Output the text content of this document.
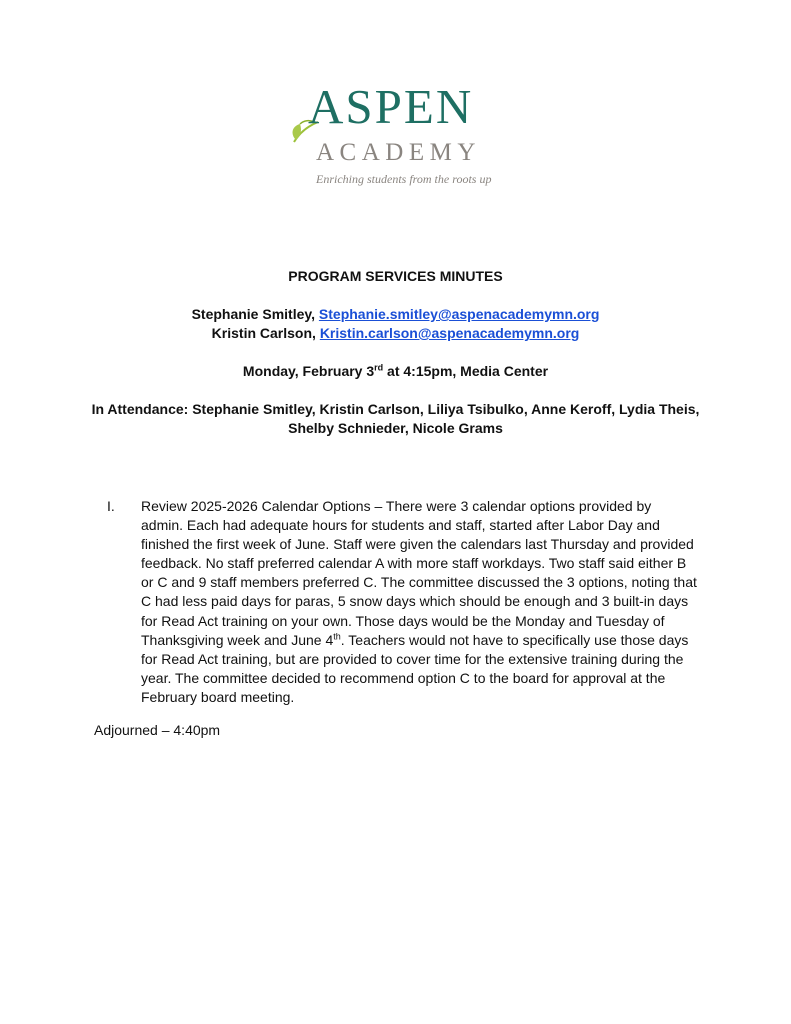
ASPEN
ACADEMY
Enriching students from the roots up
PROGRAM SERVICES MINUTES
Stephanie Smitley, Stephanie.smitley@aspenacademymn.org
Kristin Carlson, Kristin.carlson@aspenacademymn.org
Monday, February 3rd at 4:15pm, Media Center
In Attendance: Stephanie Smitley, Kristin Carlson, Liliya Tsibulko, Anne Keroff, Lydia Theis,
Shelby Schnieder, Nicole Grams
I. Review 2025-2026 Calendar Options – There were 3 calendar options provided by admin. Each had adequate hours for students and staff, started after Labor Day and finished the first week of June. Staff were given the calendars last Thursday and provided feedback. No staff preferred calendar A with more staff workdays. Two staff said either B or C and 9 staff members preferred C. The committee discussed the 3 options, noting that C had less paid days for paras, 5 snow days which should be enough and 3 built-in days for Read Act training on your own. Those days would be the Monday and Tuesday of Thanksgiving week and June 4th. Teachers would not have to specifically use those days for Read Act training, but are provided to cover time for the extensive training during the year. The committee decided to recommend option C to the board for approval at the February board meeting.
Adjourned – 4:40pm
